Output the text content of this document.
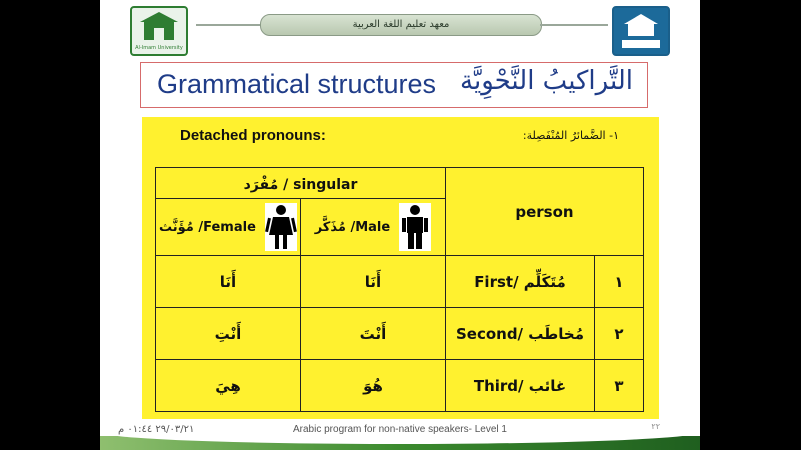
Al-Imam University
معهد تعليم اللغة العربية
Grammatical structures التَّراكيبُ النَّحْوِيَّة
Detached pronouns:	١- الضَّمائرُ المُنْفَصِلة:
مُفْرَد / singular		person	
مُؤَنَّث /Female	مُذَكَّر /Male		
أَنَا	أَنَا	First/ مُتَكَلِّم	١
أَنْتِ	أَنْتَ	Second/ مُخاطَب	٢
هِيَ	هُوَ	Third/ غائب	٣
٢٩/٠٣/٢١ ٠١:٤٤ م	Arabic program for non-native speakers- Level 1	٢٢
